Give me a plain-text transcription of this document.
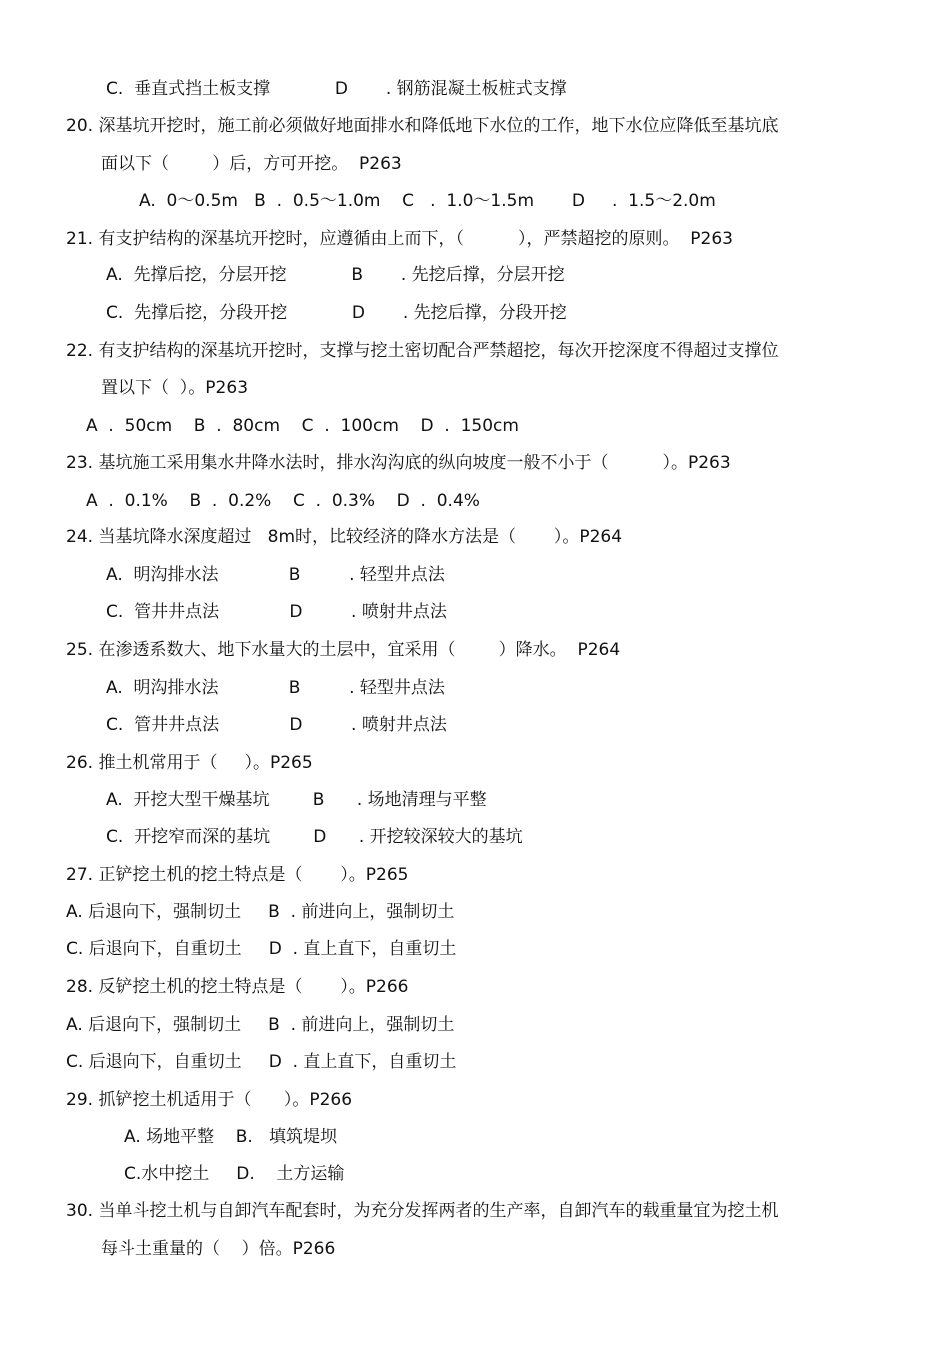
C.  垂直式挡土板支撑            D       . 钢筋混凝土板桩式支撑
20. 深基坑开挖时，施工前必须做好地面排水和降低地下水位的工作，地下水位应降低至基坑底
面以下（        ）后，方可开挖。  P263
A.  0～0.5m   B  .  0.5～1.0m    C   .  1.0～1.5m       D     .  1.5～2.0m
21. 有支护结构的深基坑开挖时，应遵循由上而下，（          ），严禁超挖的原则。  P263
A.  先撑后挖，分层开挖            B       . 先挖后撑，分层开挖
C.  先撑后挖，分段开挖            D       . 先挖后撑，分段开挖
22. 有支护结构的深基坑开挖时，支撑与挖土密切配合严禁超挖，每次开挖深度不得超过支撑位
置以下（  ）。P263
A  .  50cm    B  .  80cm    C  .  100cm    D  .  150cm
23. 基坑施工采用集水井降水法时，排水沟沟底的纵向坡度一般不小于（          ）。P263
A  .  0.1%    B  .  0.2%    C  .  0.3%    D  .  0.4%
24. 当基坑降水深度超过   8m时，比较经济的降水方法是（       ）。P264
A.  明沟排水法             B         . 轻型井点法
C.  管井井点法             D         . 喷射井点法
25. 在渗透系数大、地下水量大的土层中，宜采用（        ）降水。  P264
A.  明沟排水法             B         . 轻型井点法
C.  管井井点法             D         . 喷射井点法
26. 推土机常用于（     ）。P265
A.  开挖大型干燥基坑        B      . 场地清理与平整
C.  开挖窄而深的基坑        D      . 开挖较深较大的基坑
27. 正铲挖土机的挖土特点是（       ）。P265
A. 后退向下，强制切土     B  . 前进向上，强制切土
C. 后退向下，自重切土     D  . 直上直下，自重切土
28. 反铲挖土机的挖土特点是（       ）。P266
A. 后退向下，强制切土     B  . 前进向上，强制切土
C. 后退向下，自重切土     D  . 直上直下，自重切土
29. 抓铲挖土机适用于（      ）。P266
A. 场地平整    B.   填筑堤坝
C.水中挖土     D.    土方运输
30. 当单斗挖土机与自卸汽车配套时，为充分发挥两者的生产率，自卸汽车的载重量宜为挖土机
每斗土重量的（    ）倍。P266
